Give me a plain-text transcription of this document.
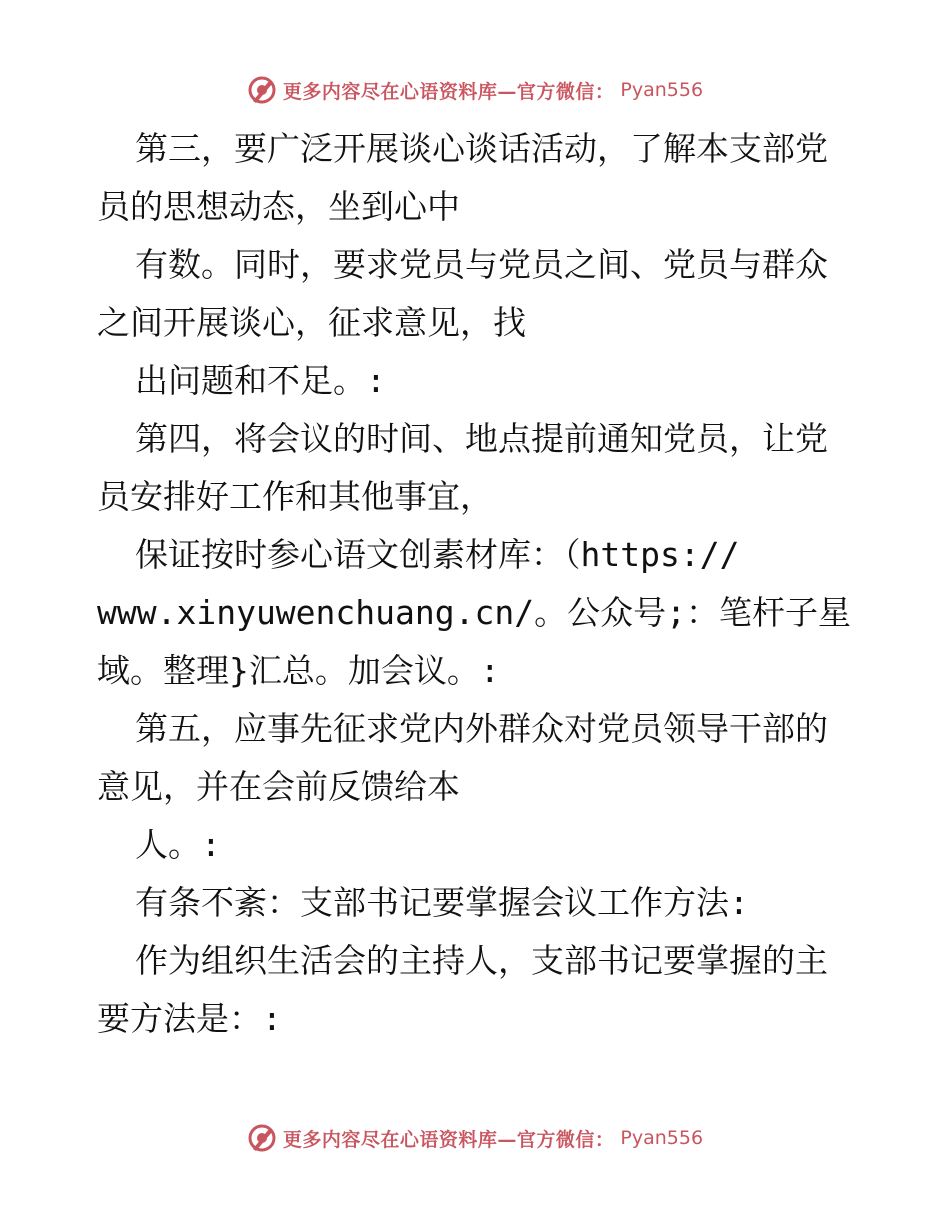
更多内容尽在心语资料库—官方微信： Pyan556
第三，要广泛开展谈心谈话活动，了解本支部党
员的思想动态，坐到心中
有数。同时，要求党员与党员之间、党员与群众
之间开展谈心，征求意见，找
出问题和不足。:
第四，将会议的时间、地点提前通知党员，让党
员安排好工作和其他事宜，
保证按时参心语文创素材库：（https://
www.xinyuwenchuang.cn/。公众号;：笔杆子星
域。整理}汇总。加会议。:
第五，应事先征求党内外群众对党员领导干部的
意见，并在会前反馈给本
人。:
有条不紊：支部书记要掌握会议工作方法:
作为组织生活会的主持人，支部书记要掌握的主
要方法是：:
更多内容尽在心语资料库—官方微信： Pyan556
